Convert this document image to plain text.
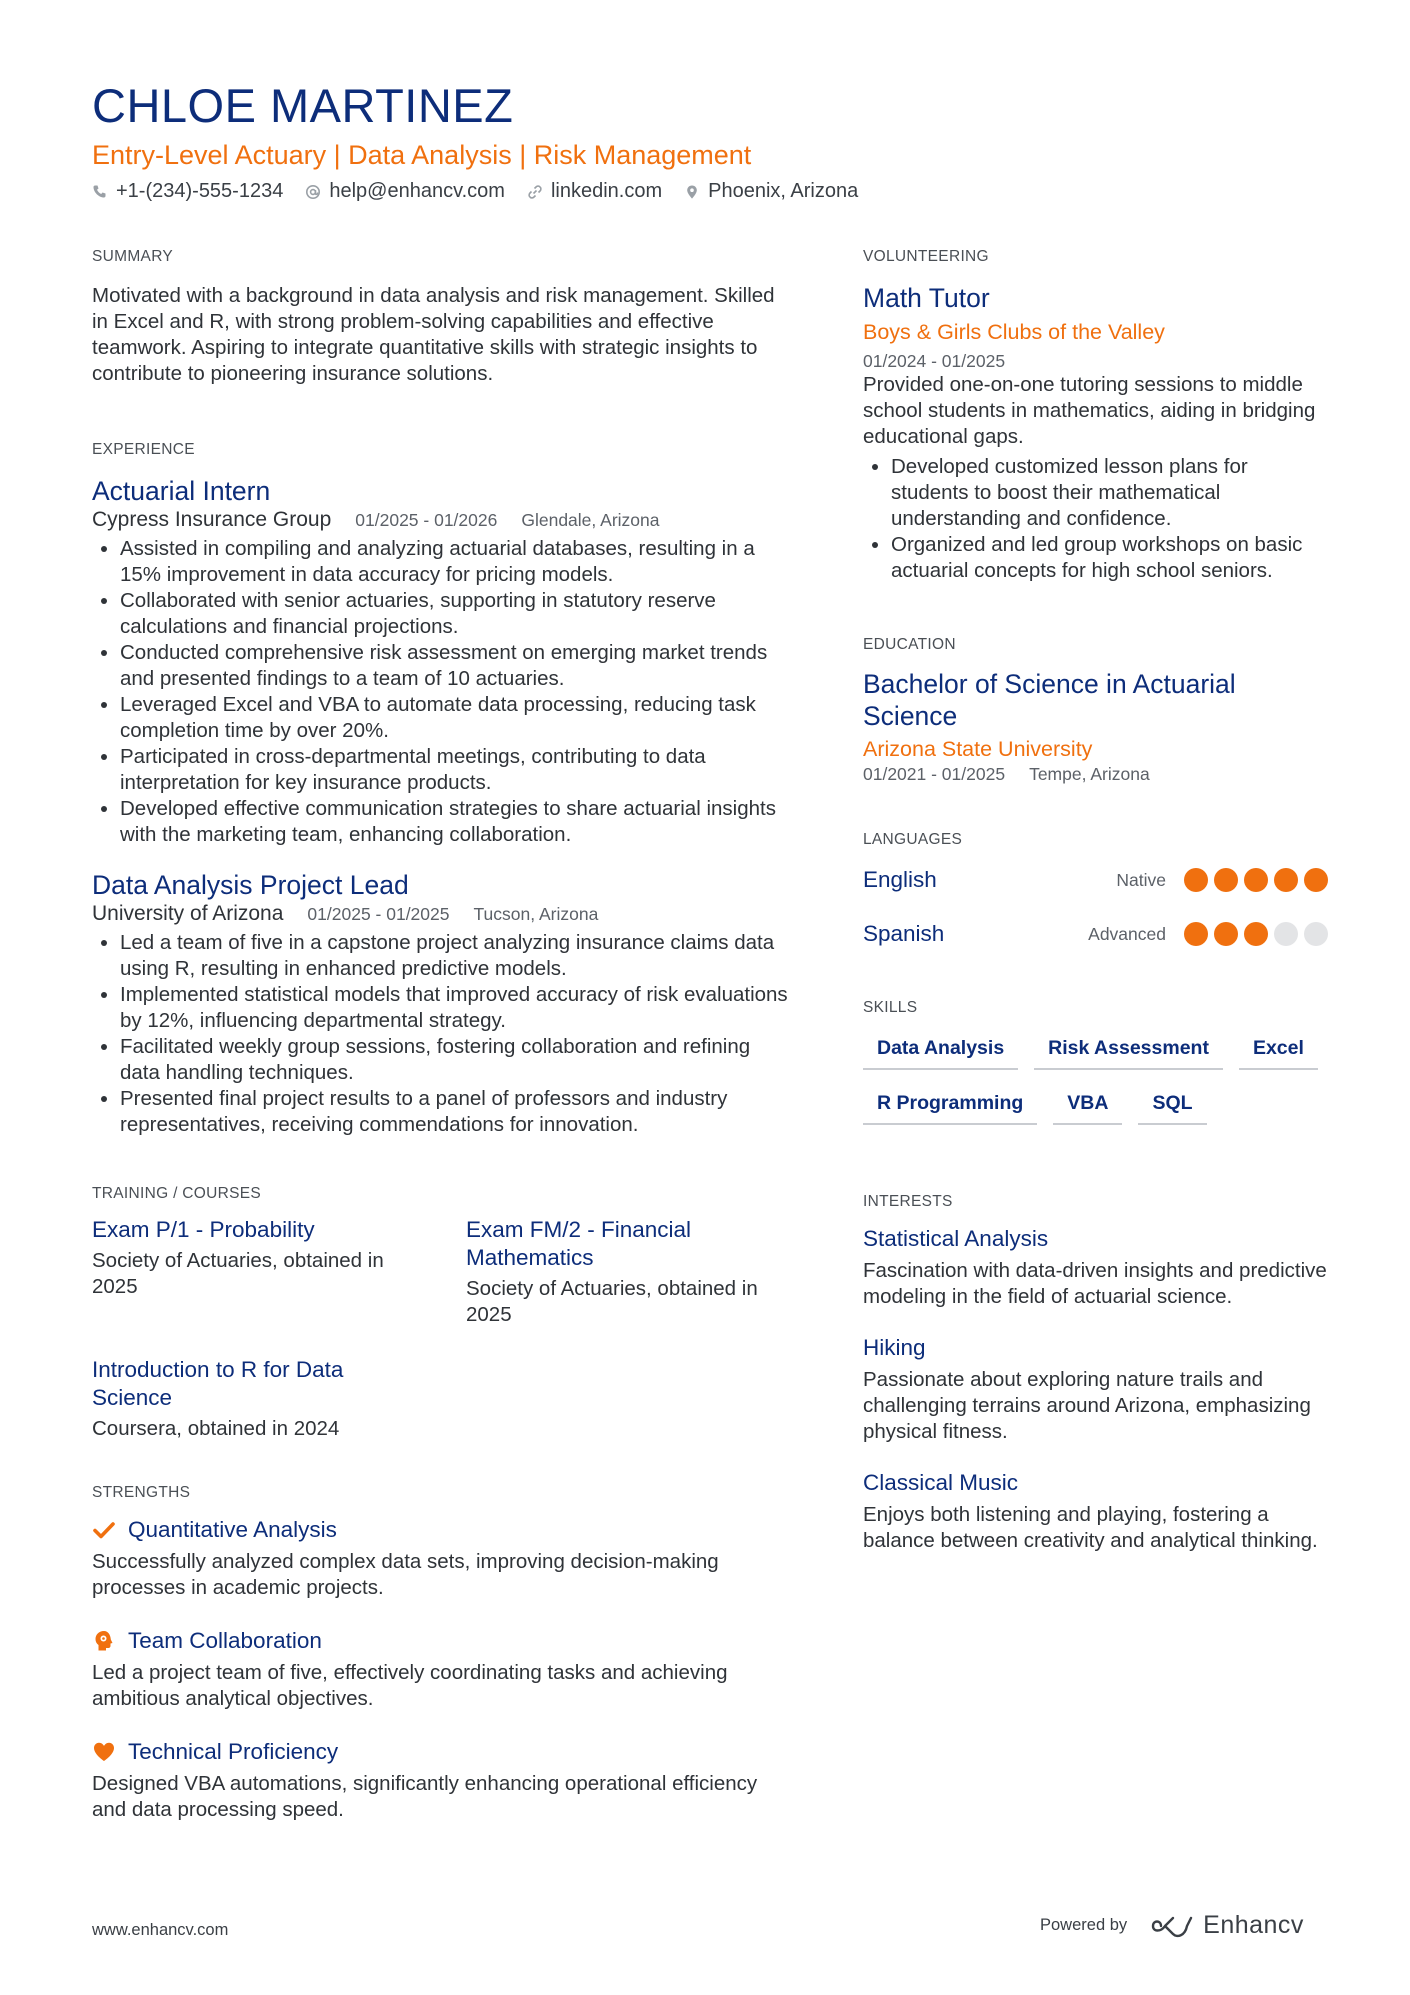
CHLOE MARTINEZ
Entry-Level Actuary | Data Analysis | Risk Management
+1-(234)-555-1234 help@enhancv.com linkedin.com Phoenix, Arizona
SUMMARY

Motivated with a background in data analysis and risk management. Skilled in Excel and R, with strong problem-solving capabilities and effective teamwork. Aspiring to integrate quantitative skills with strategic insights to contribute to pioneering insurance solutions.

EXPERIENCE
Actuarial Intern
Cypress Insurance Group 01/2025 - 01/2026 Glendale, Arizona
• Assisted in compiling and analyzing actuarial databases, resulting in a 15% improvement in data accuracy for pricing models.
• Collaborated with senior actuaries, supporting in statutory reserve calculations and financial projections.
• Conducted comprehensive risk assessment on emerging market trends and presented findings to a team of 10 actuaries.
• Leveraged Excel and VBA to automate data processing, reducing task completion time by over 20%.
• Participated in cross-departmental meetings, contributing to data interpretation for key insurance products.
• Developed effective communication strategies to share actuarial insights with the marketing team, enhancing collaboration.
Data Analysis Project Lead
University of Arizona 01/2025 - 01/2025 Tucson, Arizona
• Led a team of five in a capstone project analyzing insurance claims data using R, resulting in enhanced predictive models.
• Implemented statistical models that improved accuracy of risk evaluations by 12%, influencing departmental strategy.
• Facilitated weekly group sessions, fostering collaboration and refining data handling techniques.
• Presented final project results to a panel of professors and industry representatives, receiving commendations for innovation.
TRAINING / COURSES
Exam P/1 - Probability

Society of Actuaries, obtained in 2025

Exam FM/2 - Financial Mathematics

Society of Actuaries, obtained in 2025

Introduction to R for Data Science

Coursera, obtained in 2024

STRENGTHS
Quantitative Analysis

Successfully analyzed complex data sets, improving decision-making processes in academic projects.

Team Collaboration

Led a project team of five, effectively coordinating tasks and achieving ambitious analytical objectives.

Technical Proficiency

Designed VBA automations, significantly enhancing operational efficiency and data processing speed.

VOLUNTEERING
Math Tutor
Boys & Girls Clubs of the Valley
01/2024 - 01/2025

Provided one-on-one tutoring sessions to middle school students in mathematics, aiding in bridging educational gaps.

• Developed customized lesson plans for students to boost their mathematical understanding and confidence.
• Organized and led group workshops on basic actuarial concepts for high school seniors.
EDUCATION
Bachelor of Science in Actuarial Science
Arizona State University
01/2021 - 01/2025 Tempe, Arizona
LANGUAGES
English	Native
Spanish	Advanced
SKILLS
Data Analysis	Risk Assessment	Excel
R Programming	VBA	SQL
INTERESTS
Statistical Analysis

Fascination with data-driven insights and predictive modeling in the field of actuarial science.

Hiking

Passionate about exploring nature trails and challenging terrains around Arizona, emphasizing physical fitness.

Classical Music

Enjoys both listening and playing, fostering a balance between creativity and analytical thinking.

www.enhancv.com	Powered by	Enhancv
